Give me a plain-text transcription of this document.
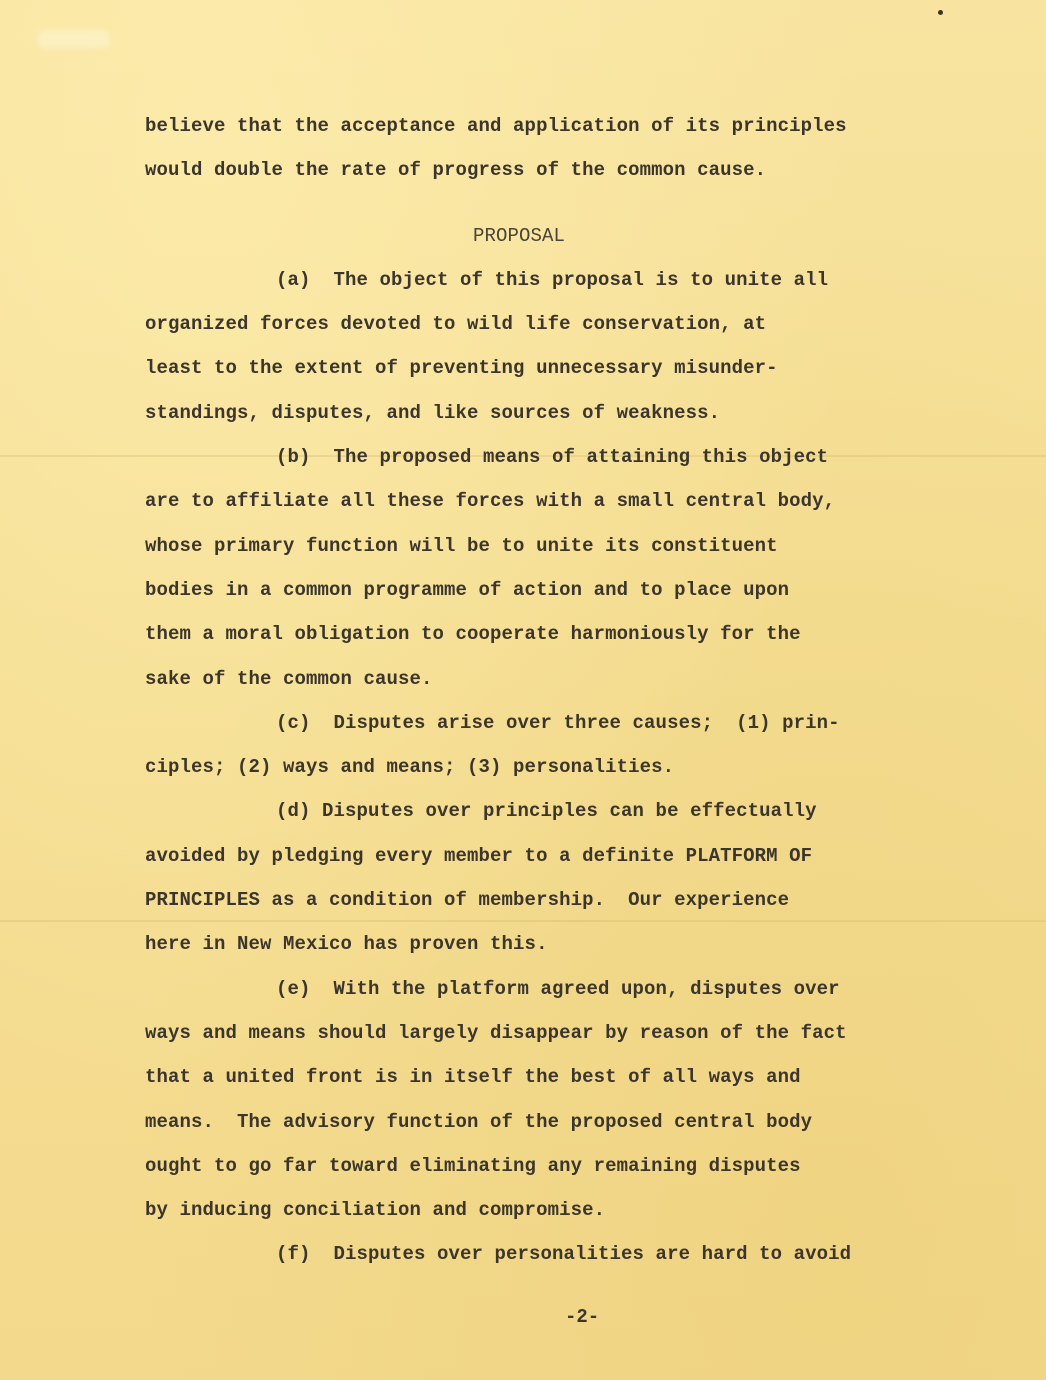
believe that the acceptance and application of its principles
would double the rate of progress of the common cause.
PROPOSAL
(a)  The object of this proposal is to unite all
organized forces devoted to wild life conservation, at
least to the extent of preventing unnecessary misunder-
standings, disputes, and like sources of weakness.
(b)  The proposed means of attaining this object
are to affiliate all these forces with a small central body,
whose primary function will be to unite its constituent
bodies in a common programme of action and to place upon
them a moral obligation to cooperate harmoniously for the
sake of the common cause.
(c)  Disputes arise over three causes;  (1) prin-
ciples; (2) ways and means; (3) personalities.
(d) Disputes over principles can be effectually
avoided by pledging every member to a definite PLATFORM OF
PRINCIPLES as a condition of membership.  Our experience
here in New Mexico has proven this.
(e)  With the platform agreed upon, disputes over
ways and means should largely disappear by reason of the fact
that a united front is in itself the best of all ways and
means.  The advisory function of the proposed central body
ought to go far toward eliminating any remaining disputes
by inducing conciliation and compromise.
(f)  Disputes over personalities are hard to avoid
-2-
